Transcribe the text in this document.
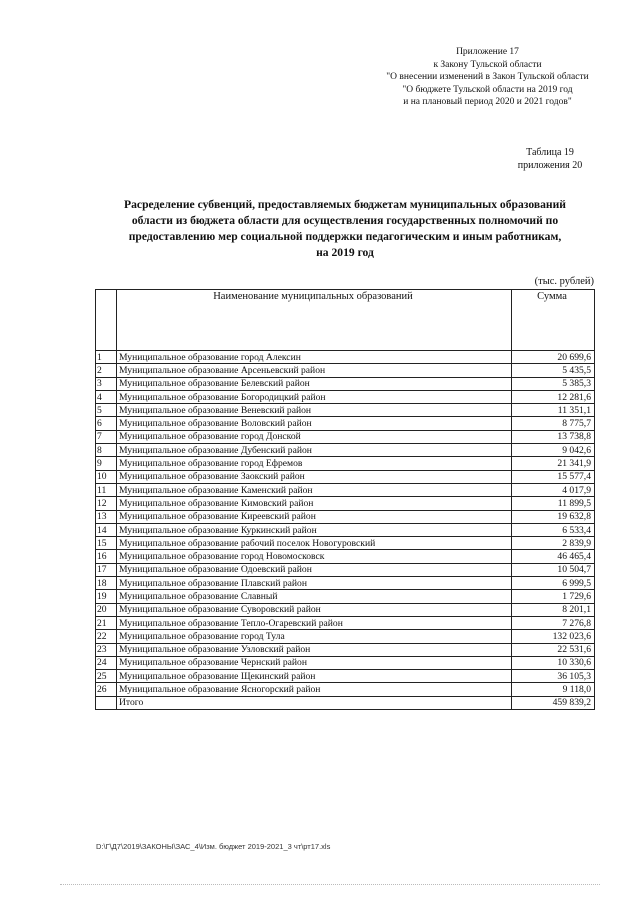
Приложение 17
к Закону Тульской области
"О внесении изменений в Закон Тульской области
"О бюджете Тульской области на 2019 год
и на плановый период 2020 и 2021 годов"
Таблица 19
приложения 20
Расределение субвенций, предоставляемых бюджетам муниципальных образований
области из бюджета области для осуществления государственных полномочий по
предоставлению мер социальной поддержки педагогическим и иным работникам,
на 2019 год
(тыс. рублей)
	Наименование муниципальных образований	Сумма
1	Муниципальное образование город Алексин	20 699,6
2	Муниципальное образование Арсеньевский район	5 435,5
3	Муниципальное образование Белевский район	5 385,3
4	Муниципальное образование Богородицкий район	12 281,6
5	Муниципальное образование Веневский район	11 351,1
6	Муниципальное образование Воловский район	8 775,7
7	Муниципальное образование город Донской	13 738,8
8	Муниципальное образование Дубенский район	9 042,6
9	Муниципальное образование город Ефремов	21 341,9
10	Муниципальное образование Заокский район	15 577,4
11	Муниципальное образование Каменский район	4 017,9
12	Муниципальное образование Кимовский район	11 899,5
13	Муниципальное образование Киреевский район	19 632,8
14	Муниципальное образование Куркинский район	6 533,4
15	Муниципальное образование рабочий поселок Новогуровский	2 839,9
16	Муниципальное образование город Новомосковск	46 465,4
17	Муниципальное образование Одоевский район	10 504,7
18	Муниципальное образование Плавский район	6 999,5
19	Муниципальное образование Славный	1 729,6
20	Муниципальное образование Суворовский район	8 201,1
21	Муниципальное образование Тепло-Огаревский район	7 276,8
22	Муниципальное образование город Тула	132 023,6
23	Муниципальное образование Узловский район	22 531,6
24	Муниципальное образование Чернский район	10 330,6
25	Муниципальное образование Щекинский район	36 105,3
26	Муниципальное образование Ясногорский район	9 118,0
	Итого	459 839,2
D:\Г\Д7\2019\ЗАКОНЫ\ЗАС_4\Изм. бюджет 2019-2021_3 чт\рт17.xls
